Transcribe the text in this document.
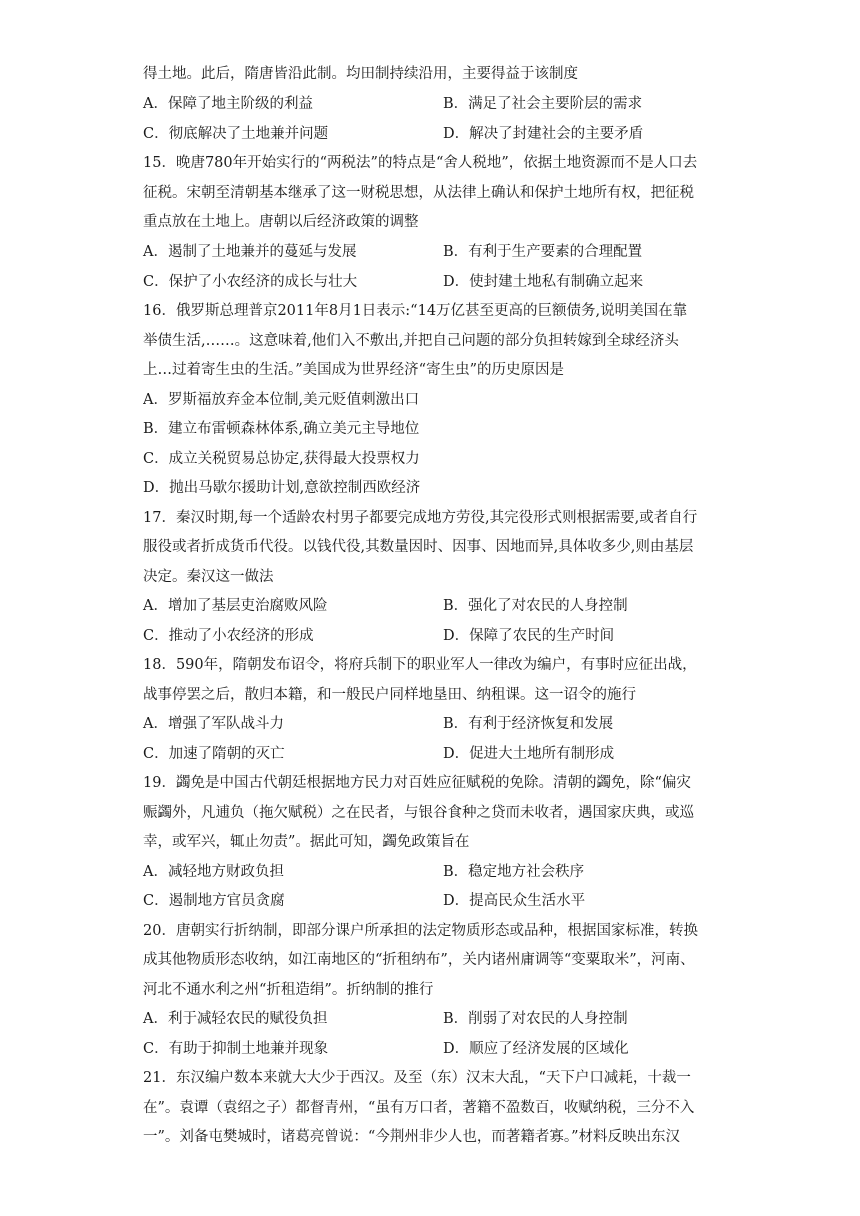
得土地。此后，隋唐皆沿此制。均田制持续沿用，主要得益于该制度
A．保障了地主阶级的利益	B．满足了社会主要阶层的需求
C．彻底解决了土地兼并问题	D．解决了封建社会的主要矛盾
15．晚唐780年开始实行的“两税法”的特点是“舍人税地”，依据土地资源而不是人口去
征税。宋朝至清朝基本继承了这一财税思想，从法律上确认和保护土地所有权，把征税
重点放在土地上。唐朝以后经济政策的调整
A．遏制了土地兼并的蔓延与发展	B．有利于生产要素的合理配置
C．保护了小农经济的成长与壮大	D．使封建土地私有制确立起来
16．俄罗斯总理普京2011年8月1日表示:“14万亿甚至更高的巨额债务,说明美国在靠
举债生活,……。这意味着,他们入不敷出,并把自己问题的部分负担转嫁到全球经济头
上…过着寄生虫的生活。”美国成为世界经济“寄生虫”的历史原因是
A．罗斯福放弃金本位制,美元贬值刺激出口
B．建立布雷顿森林体系,确立美元主导地位
C．成立关税贸易总协定,获得最大投票权力
D．抛出马歇尔援助计划,意欲控制西欧经济
17．秦汉时期,每一个适龄农村男子都要完成地方劳役,其完役形式则根据需要,或者自行
服役或者折成货币代役。以钱代役,其数量因时、因事、因地而异,具体收多少,则由基层
决定。秦汉这一做法
A．增加了基层吏治腐败风险	B．强化了对农民的人身控制
C．推动了小农经济的形成	D．保障了农民的生产时间
18．590年，隋朝发布诏令，将府兵制下的职业军人一律改为编户，有事时应征出战，
战事停罢之后，散归本籍，和一般民户同样地垦田、纳租课。这一诏令的施行
A．增强了军队战斗力	B．有利于经济恢复和发展
C．加速了隋朝的灭亡	D．促进大土地所有制形成
19．蠲免是中国古代朝廷根据地方民力对百姓应征赋税的免除。清朝的蠲免，除“偏灾
赈蠲外，凡逋负（拖欠赋税）之在民者，与银谷食种之贷而未收者，遇国家庆典，或巡
幸，或军兴，辄止勿责”。据此可知，蠲免政策旨在
A．减轻地方财政负担	B．稳定地方社会秩序
C．遏制地方官员贪腐	D．提高民众生活水平
20．唐朝实行折纳制，即部分课户所承担的法定物质形态或品种，根据国家标准，转换
成其他物质形态收纳，如江南地区的“折租纳布”，关内诸州庸调等“变粟取米”，河南、
河北不通水利之州“折租造绢”。折纳制的推行
A．利于减轻农民的赋役负担	B．削弱了对农民的人身控制
C．有助于抑制土地兼并现象	D．顺应了经济发展的区域化
21．东汉编户数本来就大大少于西汉。及至（东）汉末大乱，“天下户口减耗，十裁一
在”。袁谭（袁绍之子）都督青州，“虽有万口者，著籍不盈数百，收赋纳税，三分不入
一”。刘备屯樊城时，诸葛亮曾说：“今荆州非少人也，而著籍者寡。”材料反映出东汉
